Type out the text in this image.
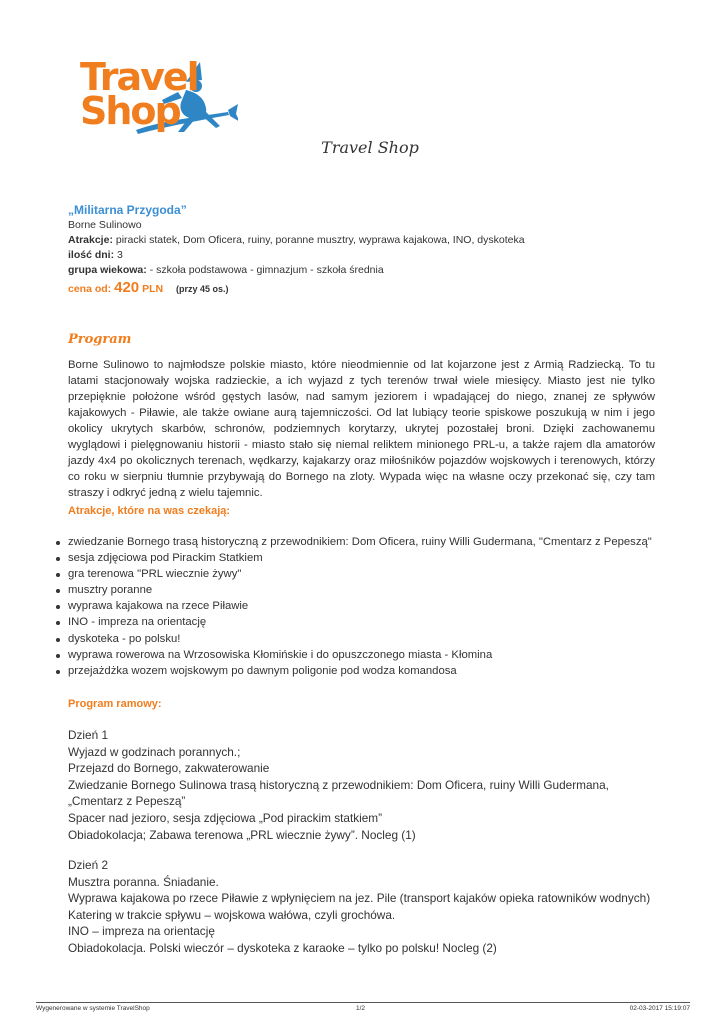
Travel
Shop
Travel Shop
„Militarna Przygoda”
Borne Sulinowo
Atrakcje: piracki statek, Dom Oficera, ruiny, poranne musztry, wyprawa kajakowa, INO, dyskoteka
ilość dni: 3
grupa wiekowa: - szkoła podstawowa - gimnazjum - szkoła średnia
cena od: 420 PLN (przy 45 os.)
Program
Borne Sulinowo to najmłodsze polskie miasto, które nieodmiennie od lat kojarzone jest z Armią Radziecką. To tu latami stacjonowały wojska radzieckie, a ich wyjazd z tych terenów trwał wiele miesięcy. Miasto jest nie tylko przepięknie położone wśród gęstych lasów, nad samym jeziorem i wpadającej do niego, znanej ze spływów kajakowych - Piławie, ale także owiane aurą tajemniczości. Od lat lubiący teorie spiskowe poszukują w nim i jego okolicy ukrytych skarbów, schronów, podziemnych korytarzy, ukrytej pozostałej broni. Dzięki zachowanemu wyglądowi i pielęgnowaniu historii - miasto stało się niemal reliktem minionego PRL-u, a także rajem dla amatorów jazdy 4x4 po okolicznych terenach, wędkarzy, kajakarzy oraz miłośników pojazdów wojskowych i terenowych, którzy co roku w sierpniu tłumnie przybywają do Bornego na zloty. Wypada więc na własne oczy przekonać się, czy tam straszy i odkryć jedną z wielu tajemnic.
Atrakcje, które na was czekają:
zwiedzanie Bornego trasą historyczną z przewodnikiem: Dom Oficera, ruiny Willi Gudermana, "Cmentarz z Pepeszą"
sesja zdjęciowa pod Pirackim Statkiem
gra terenowa "PRL wiecznie żywy"
musztry poranne
wyprawa kajakowa na rzece Piławie
INO - impreza na orientację
dyskoteka - po polsku!
wyprawa rowerowa na Wrzosowiska Kłomińskie i do opuszczonego miasta - Kłomina
przejażdżka wozem wojskowym po dawnym poligonie pod wodza komandosa
Program ramowy:
Dzień 1
Wyjazd w godzinach porannych.;
Przejazd do Bornego, zakwaterowanie
Zwiedzanie Bornego Sulinowa trasą historyczną z przewodnikiem: Dom Oficera, ruiny Willi Gudermana, „Cmentarz z Pepeszą”
Spacer nad jezioro, sesja zdjęciowa „Pod pirackim statkiem”
Obiadokolacja; Zabawa terenowa „PRL wiecznie żywy”. Nocleg (1)
Dzień 2
Musztra poranna. Śniadanie.
Wyprawa kajakowa po rzece Piławie z wpłynięciem na jez. Pile (transport kajaków opieka ratowników wodnych)
Katering w trakcie spływu – wojskowa wałówa, czyli grochówa.
INO – impreza na orientację
Obiadokolacja. Polski wieczór – dyskoteka z karaoke – tylko po polsku! Nocleg (2)
Wygenerowane w systemie TravelShop	1/2	02-03-2017 15:19:07
